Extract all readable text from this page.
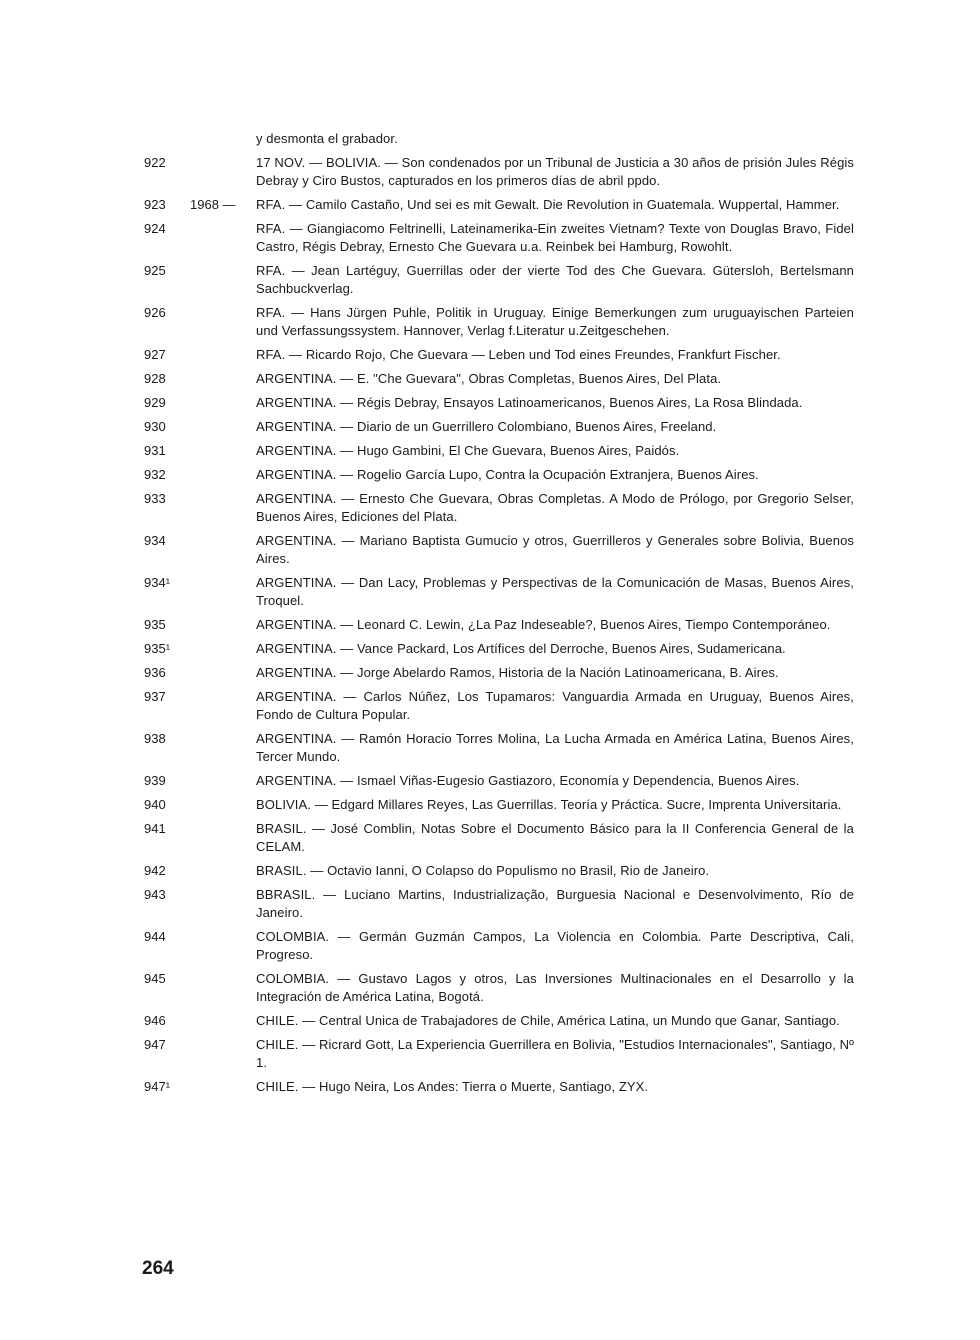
y desmonta el grabador.
922	17 NOV. — BOLIVIA. — Son condenados por un Tribunal de Justicia a 30 años de prisión Jules Régis Debray y Ciro Bustos, capturados en los primeros días de abril ppdo.
923	1968 —	RFA. — Camilo Castaño, Und sei es mit Gewalt. Die Revolution in Guatemala. Wuppertal, Hammer.
924	RFA. — Giangiacomo Feltrinelli, Lateinamerika-Ein zweites Vietnam? Texte von Douglas Bravo, Fidel Castro, Régis Debray, Ernesto Che Guevara u.a. Reinbek bei Hamburg, Rowohlt.
925	RFA. — Jean Lartéguy, Guerrillas oder der vierte Tod des Che Guevara. Gütersloh, Bertelsmann Sachbuckverlag.
926	RFA. — Hans Jürgen Puhle, Politik in Uruguay. Einige Bemerkungen zum uruguayischen Parteien und Verfassungssystem. Hannover, Verlag f.Literatur u.Zeitgeschehen.
927	RFA. — Ricardo Rojo, Che Guevara — Leben und Tod eines Freundes, Frankfurt Fischer.
928	ARGENTINA. — E. "Che Guevara", Obras Completas, Buenos Aires, Del Plata.
929	ARGENTINA. — Régis Debray, Ensayos Latinoamericanos, Buenos Aires, La Rosa Blindada.
930	ARGENTINA. — Diario de un Guerrillero Colombiano, Buenos Aires, Freeland.
931	ARGENTINA. — Hugo Gambini, El Che Guevara, Buenos Aires, Paidós.
932	ARGENTINA. — Rogelio García Lupo, Contra la Ocupación Extranjera, Buenos Aires.
933	ARGENTINA. — Ernesto Che Guevara, Obras Completas. A Modo de Prólogo, por Gregorio Selser, Buenos Aires, Ediciones del Plata.
934	ARGENTINA. — Mariano Baptista Gumucio y otros, Guerrilleros y Generales sobre Bolivia, Buenos Aires.
934¹	ARGENTINA. — Dan Lacy, Problemas y Perspectivas de la Comunicación de Masas, Buenos Aires, Troquel.
935	ARGENTINA. — Leonard C. Lewin, ¿La Paz Indeseable?, Buenos Aires, Tiempo Contemporáneo.
935¹	ARGENTINA. — Vance Packard, Los Artífices del Derroche, Buenos Aires, Sudamericana.
936	ARGENTINA. — Jorge Abelardo Ramos, Historia de la Nación Latinoamericana, B. Aires.
937	ARGENTINA. — Carlos Núñez, Los Tupamaros: Vanguardia Armada en Uruguay, Buenos Aires, Fondo de Cultura Popular.
938	ARGENTINA. — Ramón Horacio Torres Molina, La Lucha Armada en América Latina, Buenos Aires, Tercer Mundo.
939	ARGENTINA. — Ismael Viñas-Eugesio Gastiazoro, Economía y Dependencia, Buenos Aires.
940	BOLIVIA. — Edgard Millares Reyes, Las Guerrillas. Teoría y Práctica. Sucre, Imprenta Universitaria.
941	BRASIL. — José Comblin, Notas Sobre el Documento Básico para la II Conferencia General de la CELAM.
942	BRASIL. — Octavio Ianni, O Colapso do Populismo no Brasil, Rio de Janeiro.
943	BBRASIL. — Luciano Martins, Industrialização, Burguesia Nacional e Desenvolvimento, Río de Janeiro.
944	COLOMBIA. — Germán Guzmán Campos, La Violencia en Colombia. Parte Descriptiva, Cali, Progreso.
945	COLOMBIA. — Gustavo Lagos y otros, Las Inversiones Multinacionales en el Desarrollo y la Integración de América Latina, Bogotá.
946	CHILE. — Central Unica de Trabajadores de Chile, América Latina, un Mundo que Ganar, Santiago.
947	CHILE. — Ricrard Gott, La Experiencia Guerrillera en Bolivia, "Estudios Internacionales", Santiago, Nº 1.
947¹	CHILE. — Hugo Neira, Los Andes: Tierra o Muerte, Santiago, ZYX.
264
